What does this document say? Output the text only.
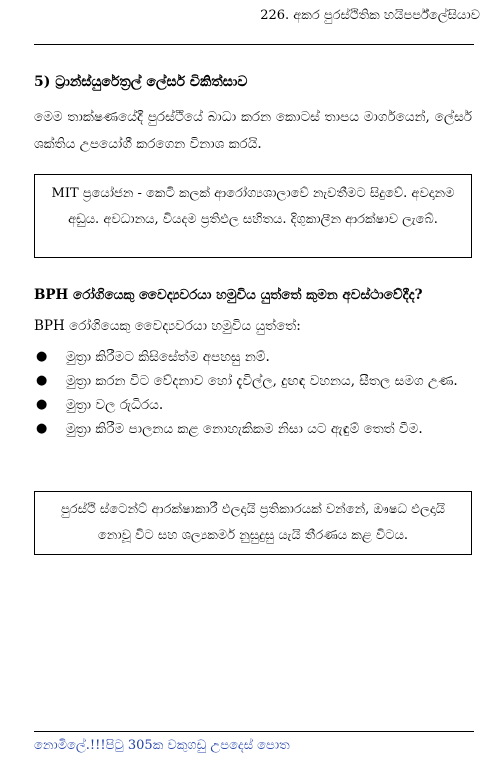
226. අකර පුරස්ථිතික හයිපර්ප්ලේසියාව
5) ට්‍රාන්ස්යුරේත්‍රල් ලේසර් චිකිත්සාව

මෙම තාක්ෂණයේදී පුරස්ථියේ බාධා කරන කොටස් තාපය මාර්ගයෙන්, ලේසර් ශක්තිය උපයෝගී කරගෙන විනාශ කරයි.

MIT ප්‍රයෝජන - කෙටි කලක් ආරෝග්‍යශාලාවේ නැවතීමට සිදුවේ. අවදානම අඩුය. අවධානය, වියදම ප්‍රතිඵල සහිතය. දිගුකාලීන ආරක්ෂාව ලැබේ.
BPH රෝගියෙකු වෛද්‍යවරයා හමුවිය යුත්තේ කුමන අවස්ථාවේදීද?
BPH රෝගියෙකු වෛද්‍යවරයා හමුවිය යුත්තේ:
● මුත්‍රා කිරීමට කිසිසේත්ම අපහසු නම්.
● මුත්‍රා කරන විට වේදනාව හෝ දැවිල්ල, දුඟඳ වහනය, සීතල සමග උණ.
● මුත්‍රා වල රුධිරය.
● මුත්‍රා කිරීම පාලනය කළ නොහැකිකම නිසා යට ඇඳුම් තෙත් වීම.
පුරස්ථි ස්ටෙන්ට් ආරක්ෂාකාරී ඵලදායි ප්‍රතිකාරයක් වන්නේ, ඖෂධ ඵලදායි නොවූ විට සහ ශල්‍යකර්ම නුසුදුසු යැයි තීරණය කළ විටය.
නොමිලේ.!!!පිටු 305ක වකුගඩු උපදෙස් පොත
